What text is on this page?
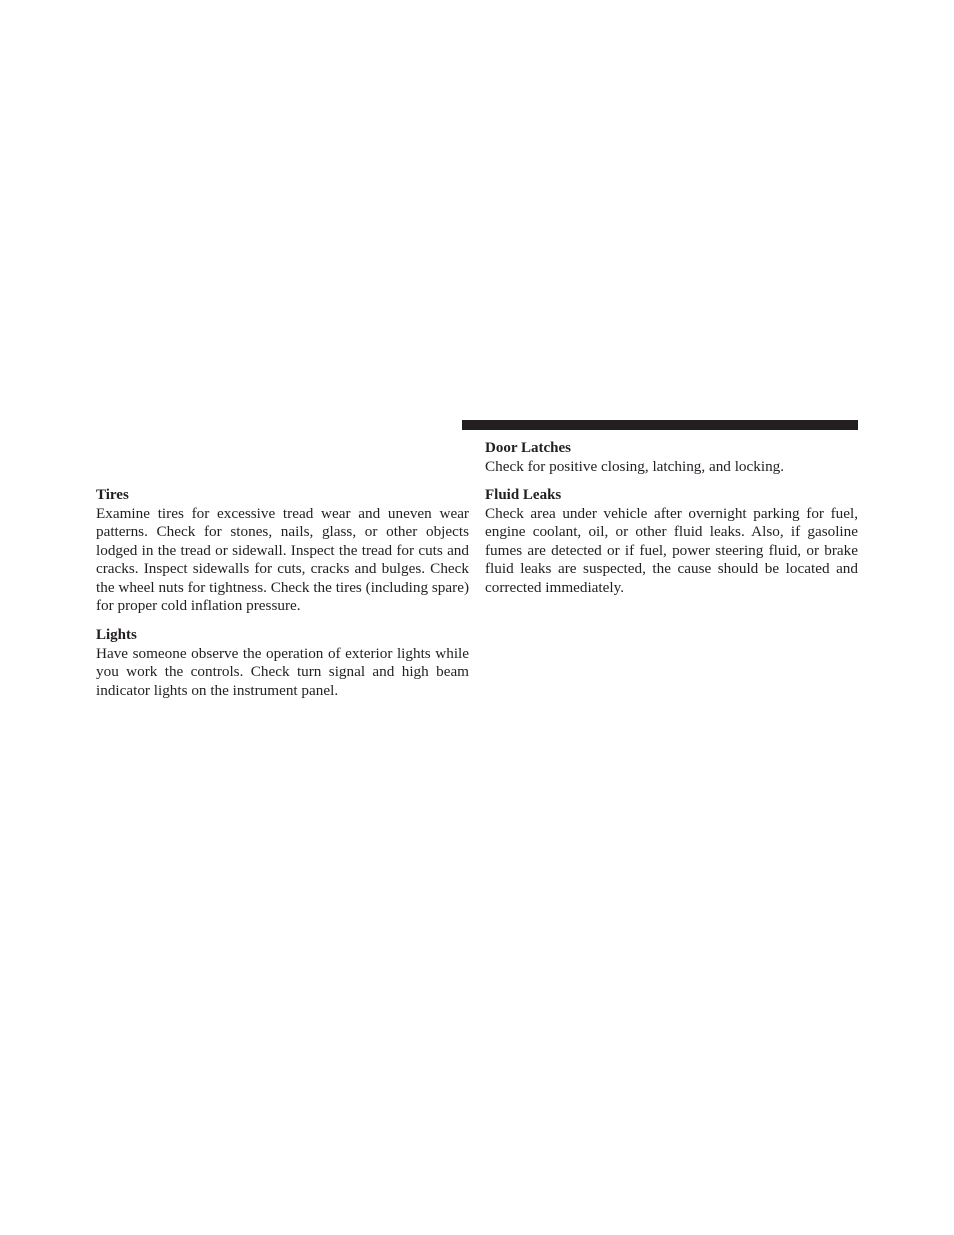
Tires

Examine tires for excessive tread wear and uneven wear patterns. Check for stones, nails, glass, or other objects lodged in the tread or sidewall. Inspect the tread for cuts and cracks. Inspect sidewalls for cuts, cracks and bulges. Check the wheel nuts for tightness. Check the tires (including spare) for proper cold inflation pressure.

Lights

Have someone observe the operation of exterior lights while you work the controls. Check turn signal and high beam indicator lights on the instrument panel.

Door Latches

Check for positive closing, latching, and locking.

Fluid Leaks

Check area under vehicle after overnight parking for fuel, engine coolant, oil, or other fluid leaks. Also, if gasoline fumes are detected or if fuel, power steering fluid, or brake fluid leaks are suspected, the cause should be located and corrected immediately.
